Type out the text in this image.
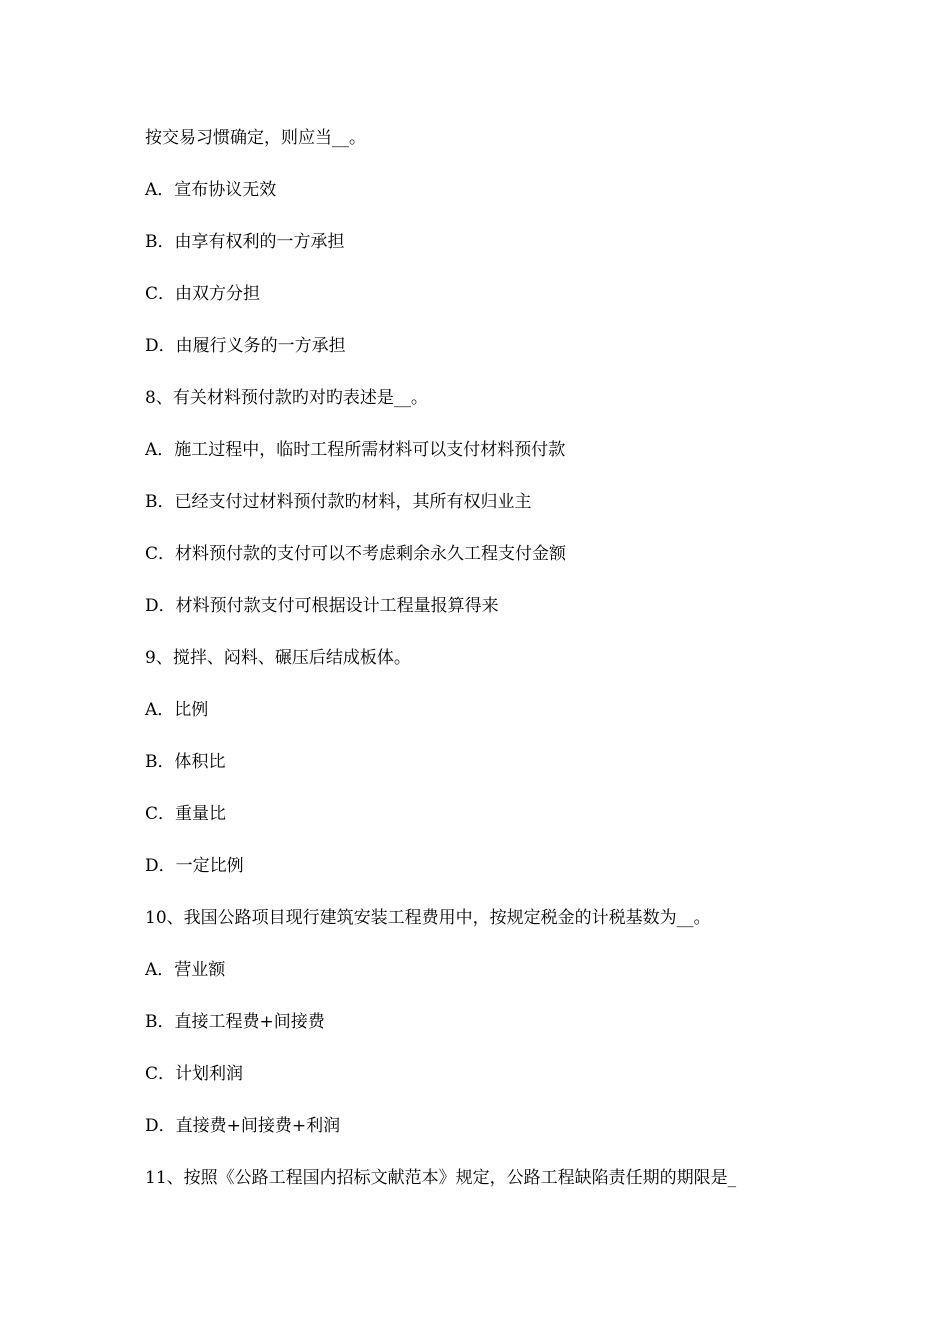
按交易习惯确定，则应当__。
A．宣布协议无效
B．由享有权利的一方承担
C．由双方分担
D．由履行义务的一方承担
8、有关材料预付款旳对旳表述是__。
A．施工过程中，临时工程所需材料可以支付材料预付款
B．已经支付过材料预付款旳材料，其所有权归业主
C．材料预付款的支付可以不考虑剩余永久工程支付金额
D．材料预付款支付可根据设计工程量报算得来
9、搅拌、闷料、碾压后结成板体。
A．比例
B．体积比
C．重量比
D．一定比例
10、我国公路项目现行建筑安装工程费用中，按规定税金的计税基数为__。
A．营业额
B．直接工程费+间接费
C．计划利润
D．直接费+间接费+利润
11、按照《公路工程国内招标文献范本》规定，公路工程缺陷责任期的期限是_
